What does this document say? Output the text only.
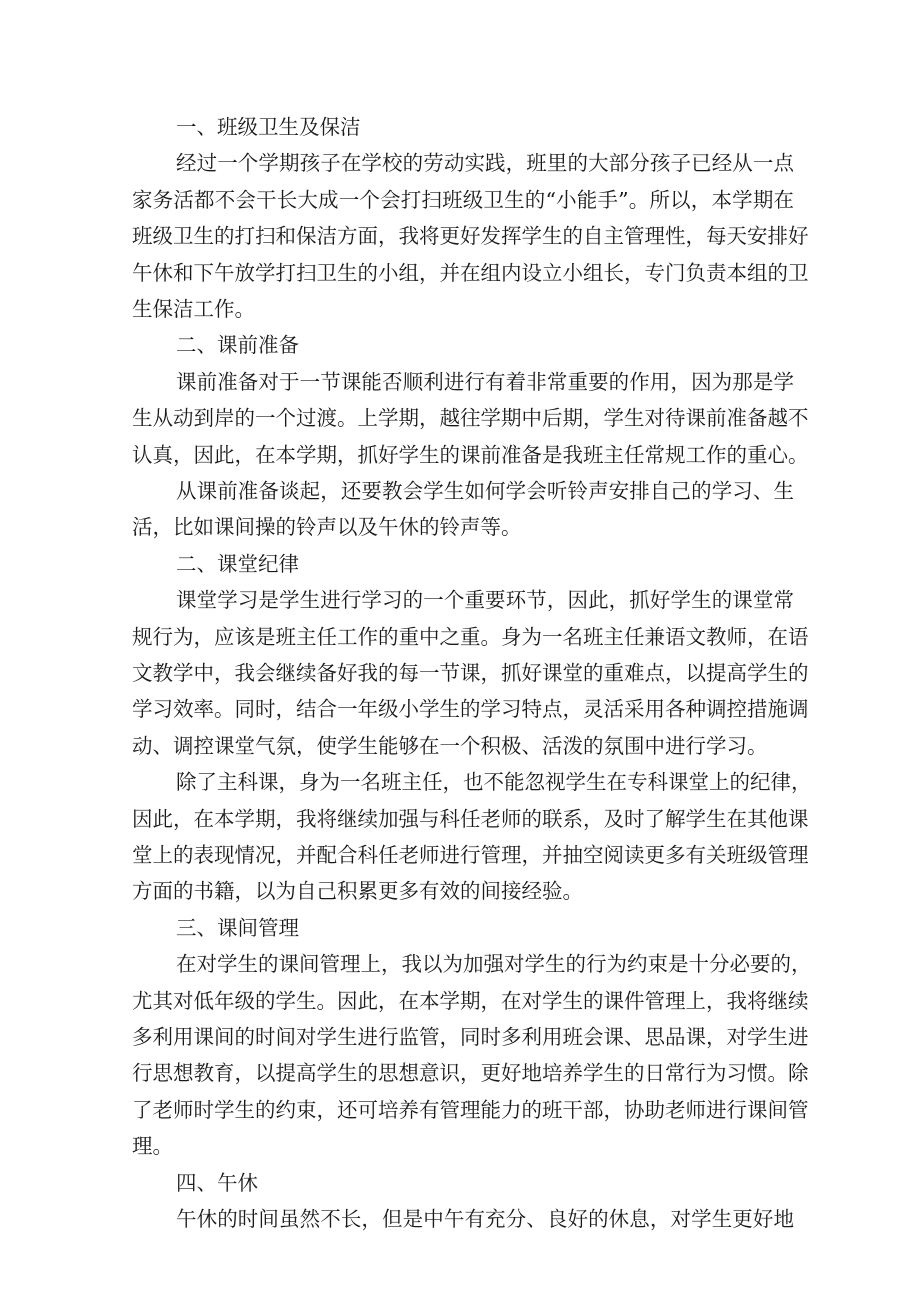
一、班级卫生及保洁
经过一个学期孩子在学校的劳动实践，班里的大部分孩子已经从一点
家务活都不会干长大成一个会打扫班级卫生的“小能手”。所以，本学期在
班级卫生的打扫和保洁方面，我将更好发挥学生的自主管理性，每天安排好
午休和下午放学打扫卫生的小组，并在组内设立小组长，专门负责本组的卫
生保洁工作。
二、课前准备
课前准备对于一节课能否顺利进行有着非常重要的作用，因为那是学
生从动到岸的一个过渡。上学期，越往学期中后期，学生对待课前准备越不
认真，因此，在本学期，抓好学生的课前准备是我班主任常规工作的重心。
从课前准备谈起，还要教会学生如何学会听铃声安排自己的学习、生
活，比如课间操的铃声以及午休的铃声等。
二、课堂纪律
课堂学习是学生进行学习的一个重要环节，因此，抓好学生的课堂常
规行为，应该是班主任工作的重中之重。身为一名班主任兼语文教师，在语
文教学中，我会继续备好我的每一节课，抓好课堂的重难点，以提高学生的
学习效率。同时，结合一年级小学生的学习特点，灵活采用各种调控措施调
动、调控课堂气氛，使学生能够在一个积极、活泼的氛围中进行学习。
除了主科课，身为一名班主任，也不能忽视学生在专科课堂上的纪律，
因此，在本学期，我将继续加强与科任老师的联系，及时了解学生在其他课
堂上的表现情况，并配合科任老师进行管理，并抽空阅读更多有关班级管理
方面的书籍，以为自己积累更多有效的间接经验。
三、课间管理
在对学生的课间管理上，我以为加强对学生的行为约束是十分必要的，
尤其对低年级的学生。因此，在本学期，在对学生的课件管理上，我将继续
多利用课间的时间对学生进行监管，同时多利用班会课、思品课，对学生进
行思想教育，以提高学生的思想意识，更好地培养学生的日常行为习惯。除
了老师时学生的约束，还可培养有管理能力的班干部，协助老师进行课间管
理。
四、午休
午休的时间虽然不长，但是中午有充分、良好的休息，对学生更好地
